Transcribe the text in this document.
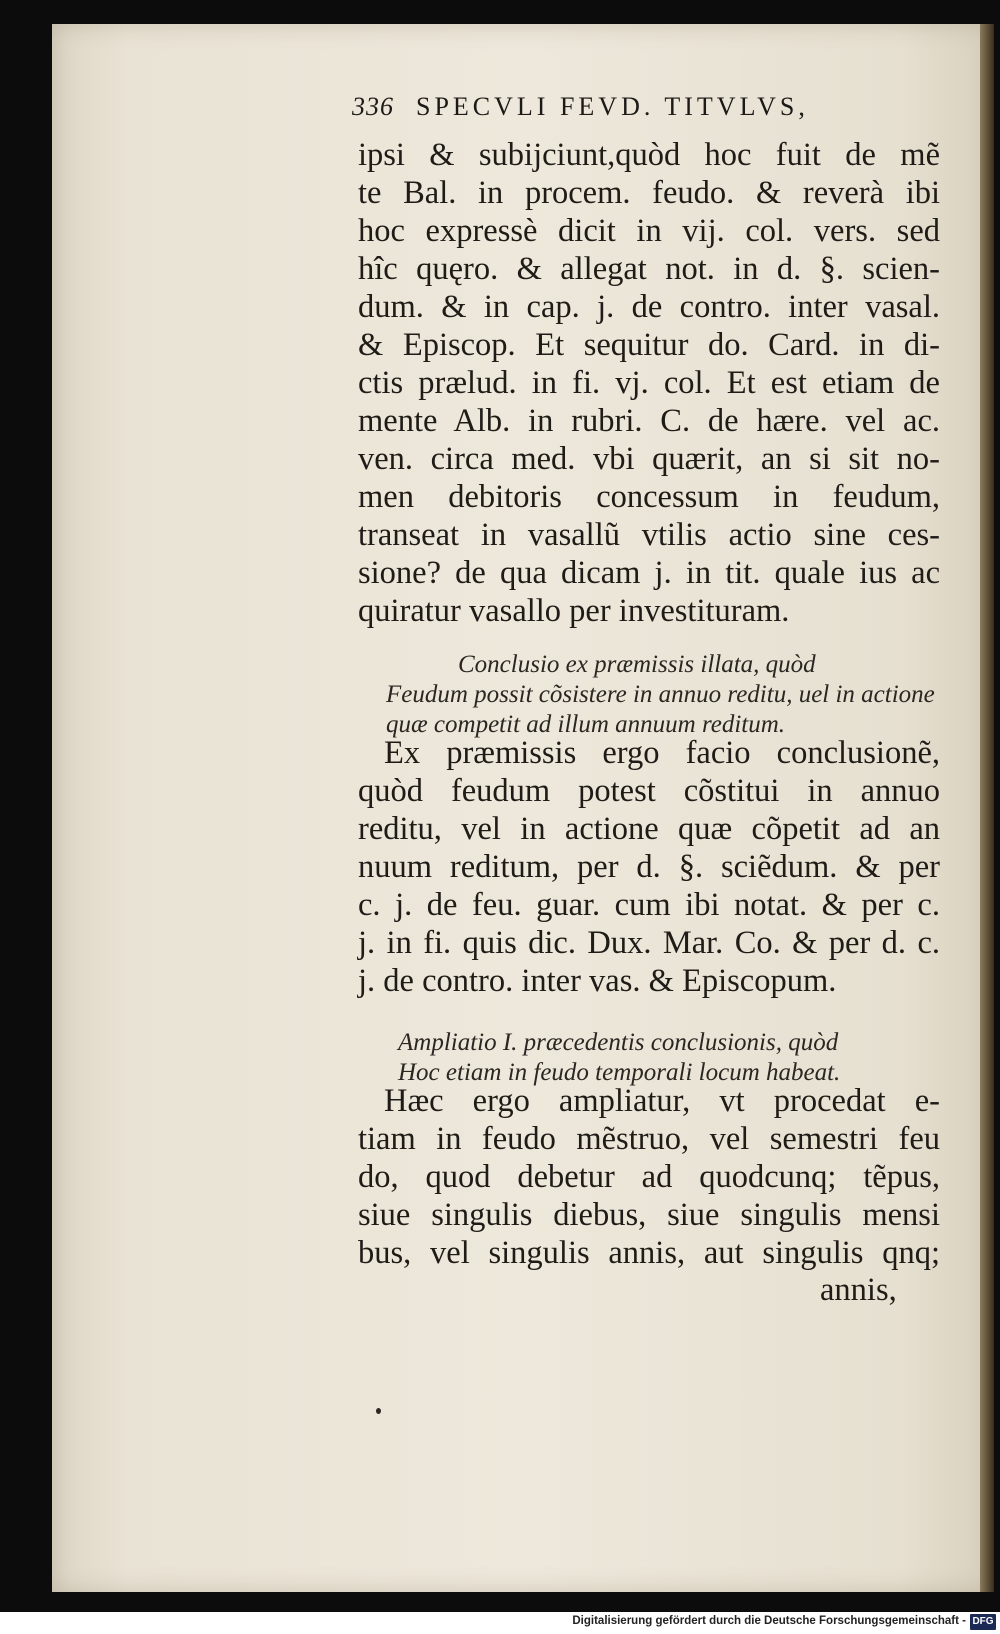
336 SPECVLI FEVD. TITVLVS,
ipsi & subijciunt,quòd hoc fuit de mẽ
te Bal. in procem. feudo. & reverà ibi
hoc expressè dicit in vij. col. vers. sed
hîc quęro. & allegat not. in d. §. scien-
dum. & in cap. j. de contro. inter vasal.
& Episcop. Et sequitur do. Card. in di-
ctis prælud. in fi. vj. col. Et est etiam de
mente Alb. in rubri. C. de hære. vel ac.
ven. circa med. vbi quærit, an si sit no-
men debitoris concessum in feudum,
transeat in vasallũ vtilis actio sine ces-
sione? de qua dicam j. in tit. quale ius ac
quiratur vasallo per investituram.
Conclusio ex præmissis illata, quòd
Feudum possit cõsistere in annuo reditu, uel in actione
quæ competit ad illum annuum reditum.
Ex præmissis ergo facio conclusionẽ,
quòd feudum potest cõstitui in annuo
reditu, vel in actione quæ cõpetit ad an
nuum reditum, per d. §. sciẽdum. & per
c. j. de feu. guar. cum ibi notat. & per c.
j. in fi. quis dic. Dux. Mar. Co. & per d. c.
j. de contro. inter vas. & Episcopum.
Ampliatio I. præcedentis conclusionis, quòd
Hoc etiam in feudo temporali locum habeat.
Hæc ergo ampliatur, vt procedat e-
tiam in feudo mẽstruo, vel semestri feu
do, quod debetur ad quodcunq; tẽpus,
siue singulis diebus, siue singulis mensi
bus, vel singulis annis, aut singulis qnq;
annis,
Digitalisierung gefördert durch die Deutsche Forschungsgemeinschaft - DFG
